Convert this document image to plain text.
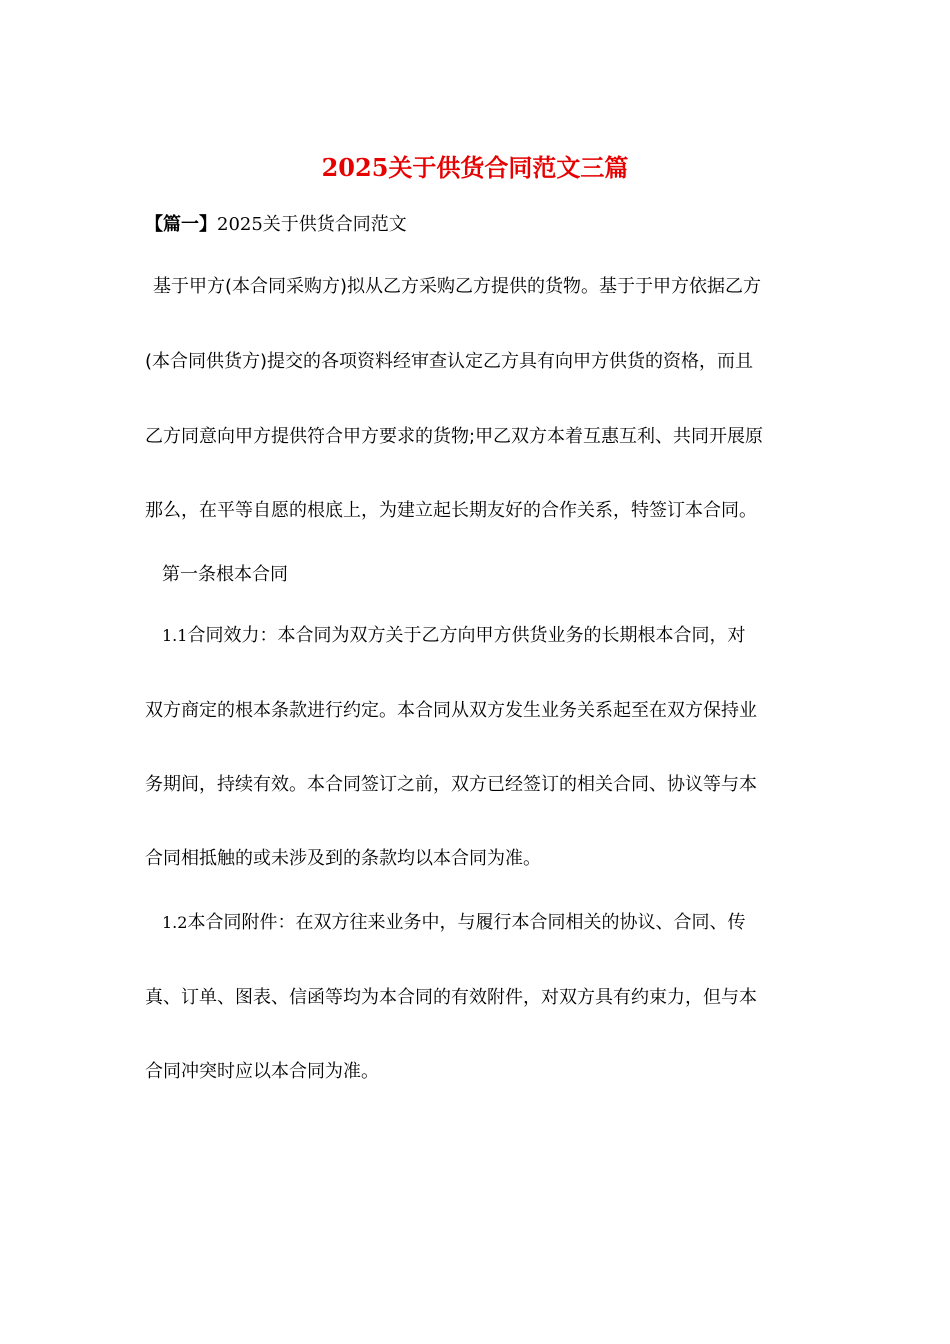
2025关于供货合同范文三篇

【篇一】2025关于供货合同范文

基于甲方(本合同采购方)拟从乙方采购乙方提供的货物。基于于甲方依据乙方

(本合同供货方)提交的各项资料经审查认定乙方具有向甲方供货的资格，而且

乙方同意向甲方提供符合甲方要求的货物;甲乙双方本着互惠互利、共同开展原

那么，在平等自愿的根底上，为建立起长期友好的合作关系，特签订本合同。

第一条根本合同

1.1合同效力：本合同为双方关于乙方向甲方供货业务的长期根本合同，对

双方商定的根本条款进行约定。本合同从双方发生业务关系起至在双方保持业

务期间，持续有效。本合同签订之前，双方已经签订的相关合同、协议等与本

合同相抵触的或未涉及到的条款均以本合同为准。

1.2本合同附件：在双方往来业务中，与履行本合同相关的协议、合同、传

真、订单、图表、信函等均为本合同的有效附件，对双方具有约束力，但与本

合同冲突时应以本合同为准。
